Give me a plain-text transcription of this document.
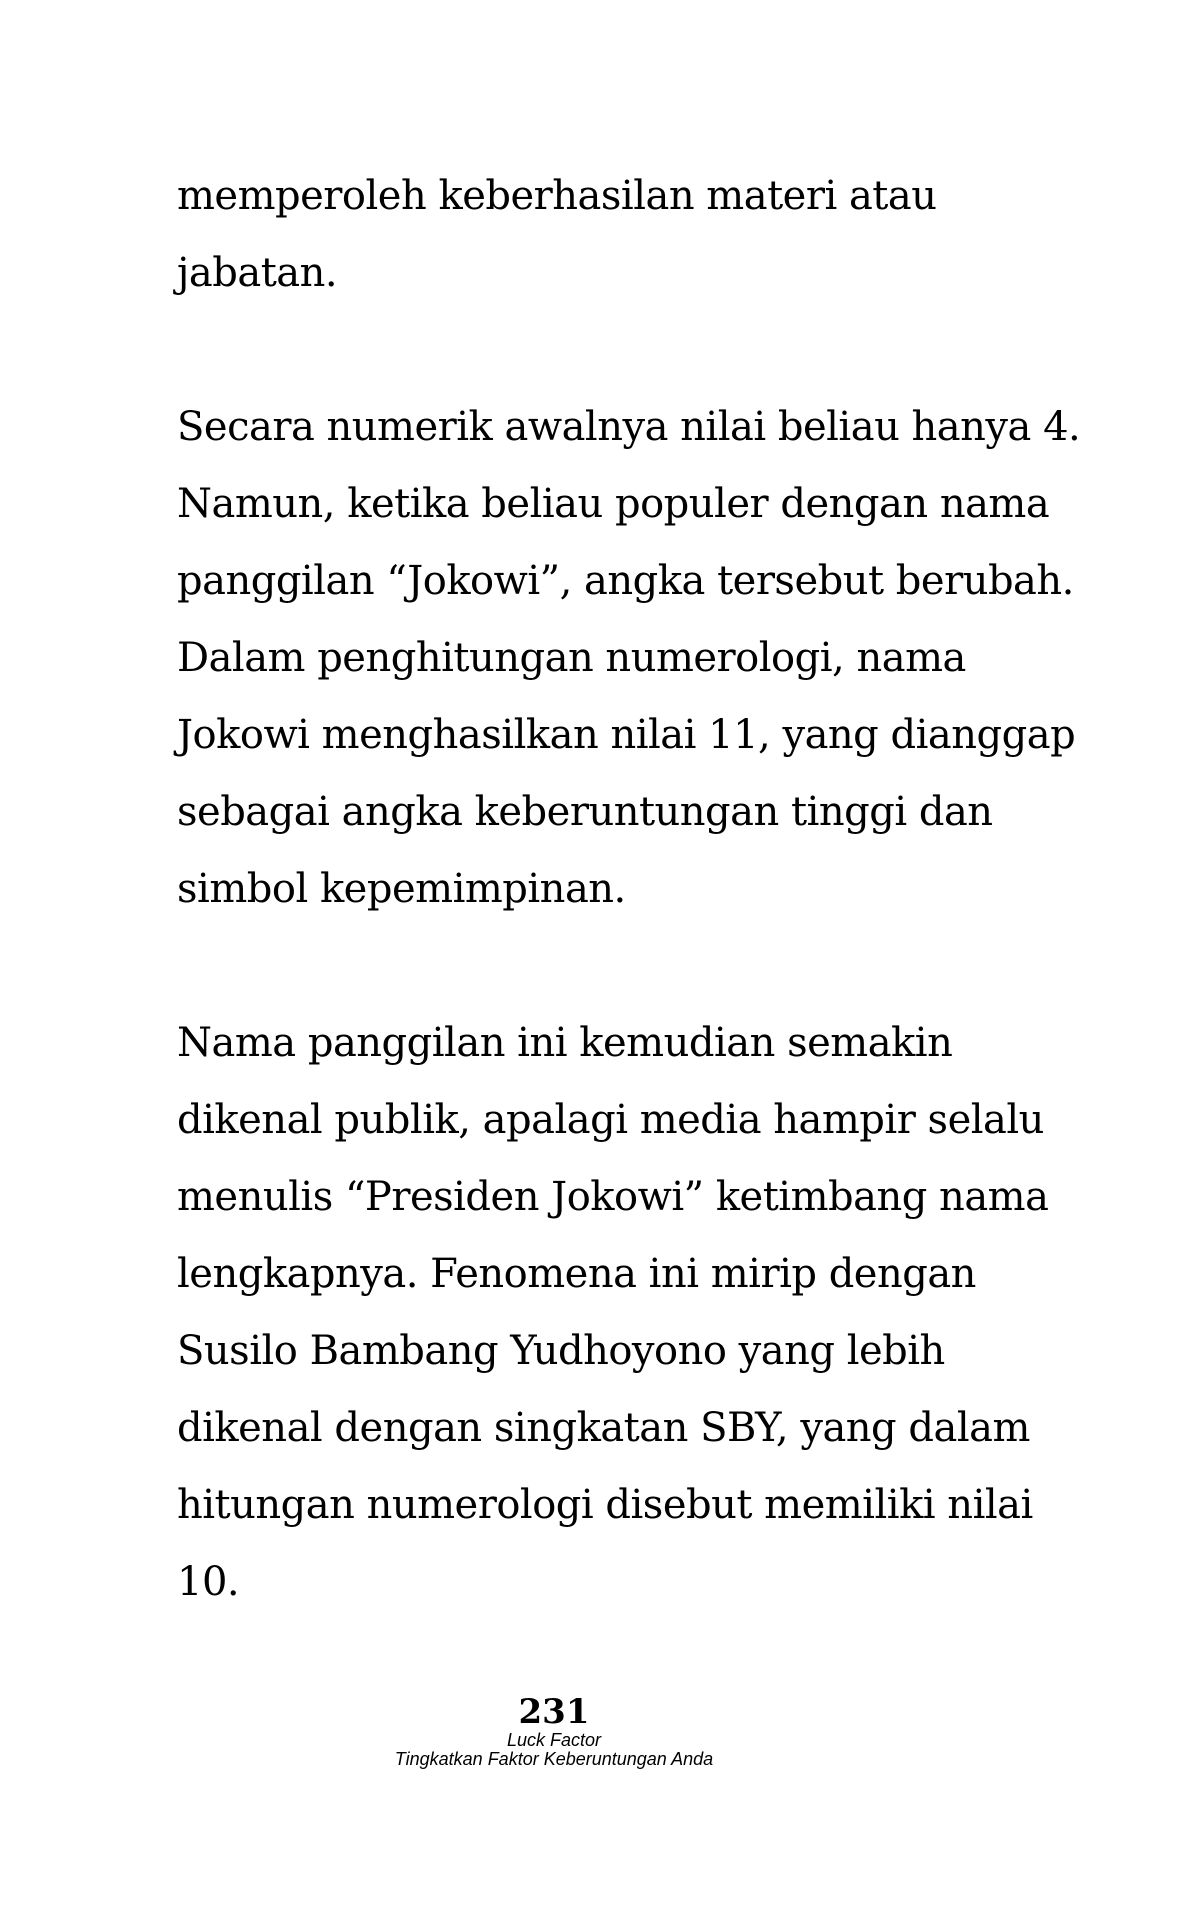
memperoleh keberhasilan materi atau
jabatan.
Secara numerik awalnya nilai beliau hanya 4.
Namun, ketika beliau populer dengan nama
panggilan “Jokowi”, angka tersebut berubah.
Dalam penghitungan numerologi, nama
Jokowi menghasilkan nilai 11, yang dianggap
sebagai angka keberuntungan tinggi dan
simbol kepemimpinan.
Nama panggilan ini kemudian semakin
dikenal publik, apalagi media hampir selalu
menulis “Presiden Jokowi” ketimbang nama
lengkapnya. Fenomena ini mirip dengan
Susilo Bambang Yudhoyono yang lebih
dikenal dengan singkatan SBY, yang dalam
hitungan numerologi disebut memiliki nilai
10.
231
Luck Factor
Tingkatkan Faktor Keberuntungan Anda
